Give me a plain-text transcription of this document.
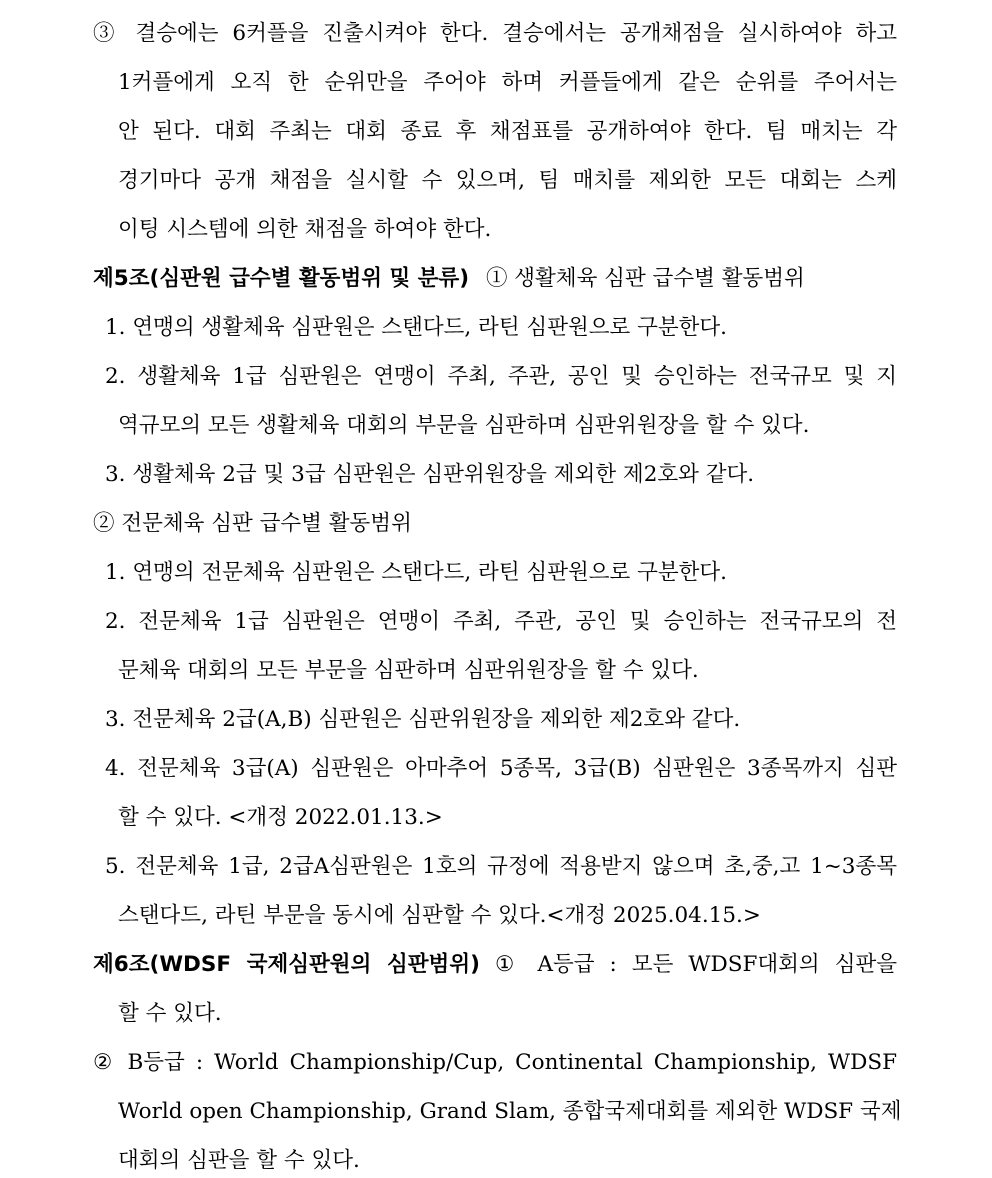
③ 결승에는 6커플을 진출시켜야 한다. 결승에서는 공개채점을 실시하여야 하고
1커플에게 오직 한 순위만을 주어야 하며 커플들에게 같은 순위를 주어서는
안 된다. 대회 주최는 대회 종료 후 채점표를 공개하여야 한다. 팀 매치는 각
경기마다 공개 채점을 실시할 수 있으며, 팀 매치를 제외한 모든 대회는 스케
이팅 시스템에 의한 채점을 하여야 한다.
제5조(심판원 급수별 활동범위 및 분류) ① 생활체육 심판 급수별 활동범위
1. 연맹의 생활체육 심판원은 스탠다드, 라틴 심판원으로 구분한다.
2. 생활체육 1급 심판원은 연맹이 주최, 주관, 공인 및 승인하는 전국규모 및 지
역규모의 모든 생활체육 대회의 부문을 심판하며 심판위원장을 할 수 있다.
3. 생활체육 2급 및 3급 심판원은 심판위원장을 제외한 제2호와 같다.
② 전문체육 심판 급수별 활동범위
1. 연맹의 전문체육 심판원은 스탠다드, 라틴 심판원으로 구분한다.
2. 전문체육 1급 심판원은 연맹이 주최, 주관, 공인 및 승인하는 전국규모의 전
문체육 대회의 모든 부문을 심판하며 심판위원장을 할 수 있다.
3. 전문체육 2급(A,B) 심판원은 심판위원장을 제외한 제2호와 같다.
4. 전문체육 3급(A) 심판원은 아마추어 5종목, 3급(B) 심판원은 3종목까지 심판
할 수 있다. <개정 2022.01.13.>
5. 전문체육 1급, 2급A심판원은 1호의 규정에 적용받지 않으며 초,중,고 1~3종목
스탠다드, 라틴 부문을 동시에 심판할 수 있다.<개정 2025.04.15.>
제6조(WDSF 국제심판원의 심판범위) ① A등급 : 모든 WDSF대회의 심판을
할 수 있다.
② B등급 : World Championship/Cup, Continental Championship, WDSF
World open Championship, Grand Slam, 종합국제대회를 제외한 WDSF 국제
대회의 심판을 할 수 있다.
